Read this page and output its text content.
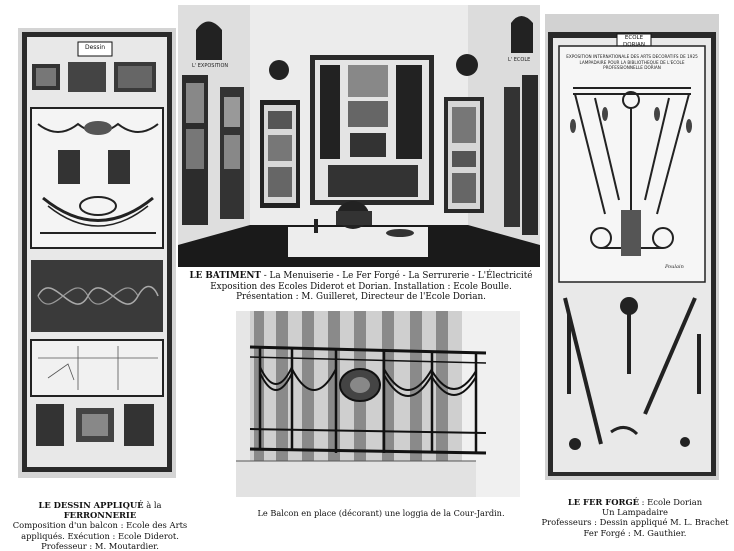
Dessin
L' EXPOSITION
L' ECOLE
ECOLE
DORIAN
EXPOSITION INTERNATIONALE DES ARTS DECORATIFS DE 1925
LAMPADAIRE POUR LA BIBLIOTHEQUE DE L'ECOLE PROFESSIONNELLE DORIAN
Poulain
LE BATIMENT - La Menuiserie - Le Fer Forgé - La Serrurerie - L'Électricité
Exposition des Ecoles Diderot et Dorian. Installation : Ecole Boulle.
Présentation : M. Guilleret, Directeur de l'Ecole Dorian.
LE DESSIN APPLIQUÉ à la FERRONNERIE
Composition d'un balcon : Ecole des Arts
appliqués. Exécution : Ecole Diderot.
Professeur : M. Moutardier.
Le Balcon en place (décorant) une loggia de la Cour-Jardin.
LE FER FORGÉ : Ecole Dorian
Un Lampadaire
Professeurs : Dessin appliqué M. L. Brachet
Fer Forgé : M. Gauthier.
